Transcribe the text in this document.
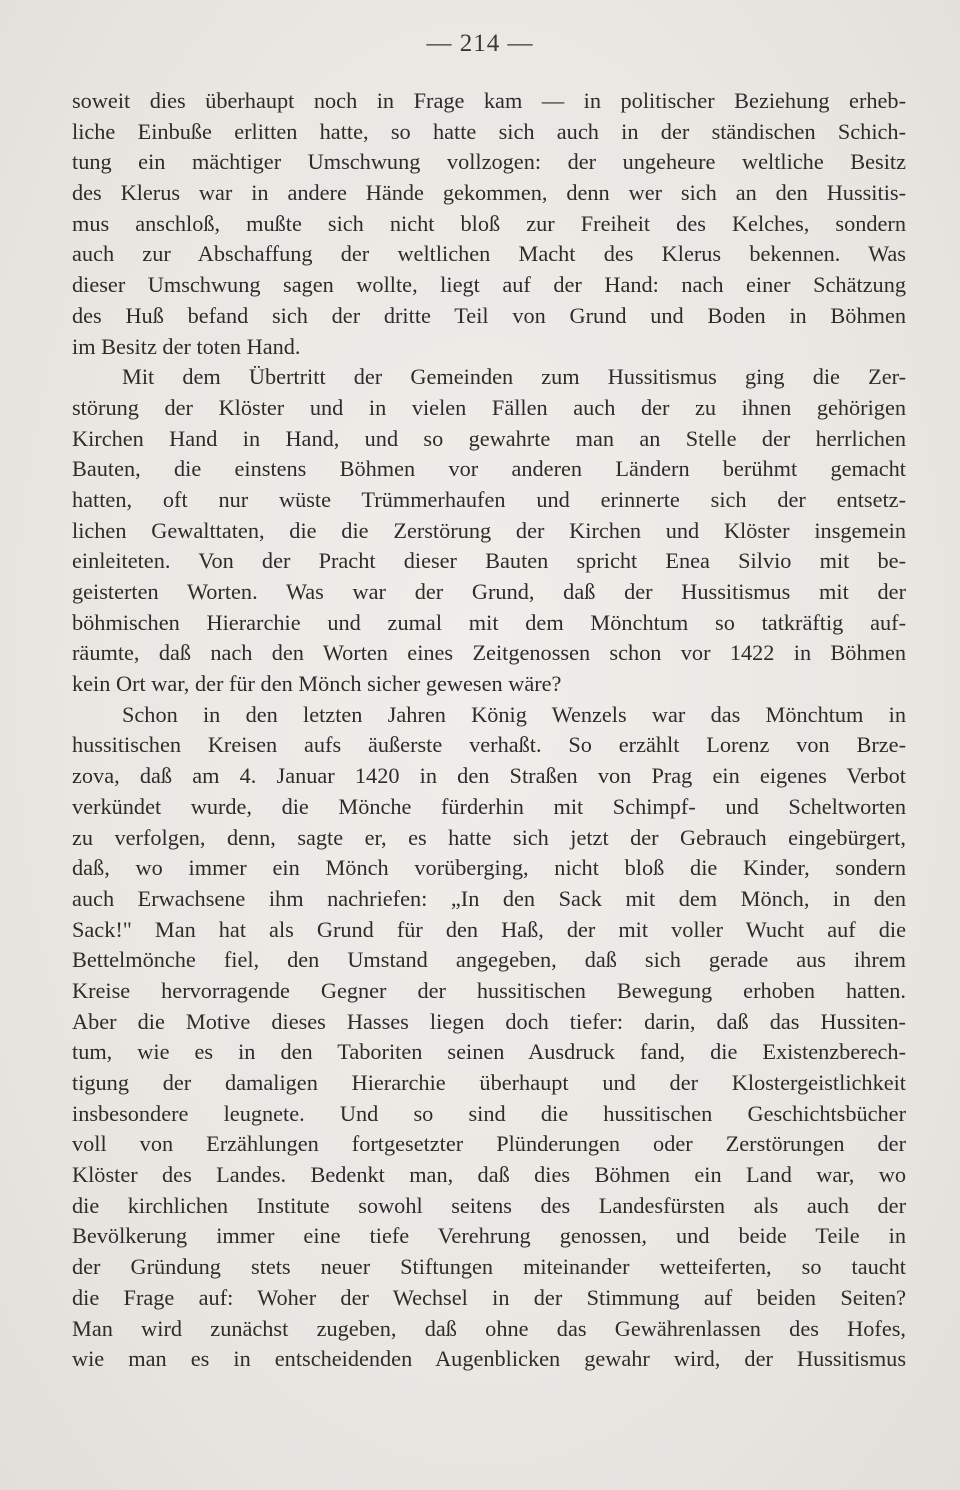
— 214 —
soweit dies überhaupt noch in Frage kam — in politischer Beziehung erheb-
liche Einbuße erlitten hatte, so hatte sich auch in der ständischen Schich-
tung ein mächtiger Umschwung vollzogen: der ungeheure weltliche Besitz
des Klerus war in andere Hände gekommen, denn wer sich an den Hussitis-
mus anschloß, mußte sich nicht bloß zur Freiheit des Kelches, sondern
auch zur Abschaffung der weltlichen Macht des Klerus bekennen. Was
dieser Umschwung sagen wollte, liegt auf der Hand: nach einer Schätzung
des Huß befand sich der dritte Teil von Grund und Boden in Böhmen
im Besitz der toten Hand.
Mit dem Übertritt der Gemeinden zum Hussitismus ging die Zer-
störung der Klöster und in vielen Fällen auch der zu ihnen gehörigen
Kirchen Hand in Hand, und so gewahrte man an Stelle der herrlichen
Bauten, die einstens Böhmen vor anderen Ländern berühmt gemacht
hatten, oft nur wüste Trümmerhaufen und erinnerte sich der entsetz-
lichen Gewalttaten, die die Zerstörung der Kirchen und Klöster insgemein
einleiteten. Von der Pracht dieser Bauten spricht Enea Silvio mit be-
geisterten Worten. Was war der Grund, daß der Hussitismus mit der
böhmischen Hierarchie und zumal mit dem Mönchtum so tatkräftig auf-
räumte, daß nach den Worten eines Zeitgenossen schon vor 1422 in Böhmen
kein Ort war, der für den Mönch sicher gewesen wäre?
Schon in den letzten Jahren König Wenzels war das Mönchtum in
hussitischen Kreisen aufs äußerste verhaßt. So erzählt Lorenz von Brze-
zova, daß am 4. Januar 1420 in den Straßen von Prag ein eigenes Verbot
verkündet wurde, die Mönche fürderhin mit Schimpf- und Scheltworten
zu verfolgen, denn, sagte er, es hatte sich jetzt der Gebrauch eingebürgert,
daß, wo immer ein Mönch vorüberging, nicht bloß die Kinder, sondern
auch Erwachsene ihm nachriefen: „In den Sack mit dem Mönch, in den
Sack!" Man hat als Grund für den Haß, der mit voller Wucht auf die
Bettelmönche fiel, den Umstand angegeben, daß sich gerade aus ihrem
Kreise hervorragende Gegner der hussitischen Bewegung erhoben hatten.
Aber die Motive dieses Hasses liegen doch tiefer: darin, daß das Hussiten-
tum, wie es in den Taboriten seinen Ausdruck fand, die Existenzberech-
tigung der damaligen Hierarchie überhaupt und der Klostergeistlichkeit
insbesondere leugnete. Und so sind die hussitischen Geschichtsbücher
voll von Erzählungen fortgesetzter Plünderungen oder Zerstörungen der
Klöster des Landes. Bedenkt man, daß dies Böhmen ein Land war, wo
die kirchlichen Institute sowohl seitens des Landesfürsten als auch der
Bevölkerung immer eine tiefe Verehrung genossen, und beide Teile in
der Gründung stets neuer Stiftungen miteinander wetteiferten, so taucht
die Frage auf: Woher der Wechsel in der Stimmung auf beiden Seiten?
Man wird zunächst zugeben, daß ohne das Gewährenlassen des Hofes,
wie man es in entscheidenden Augenblicken gewahr wird, der Hussitismus
